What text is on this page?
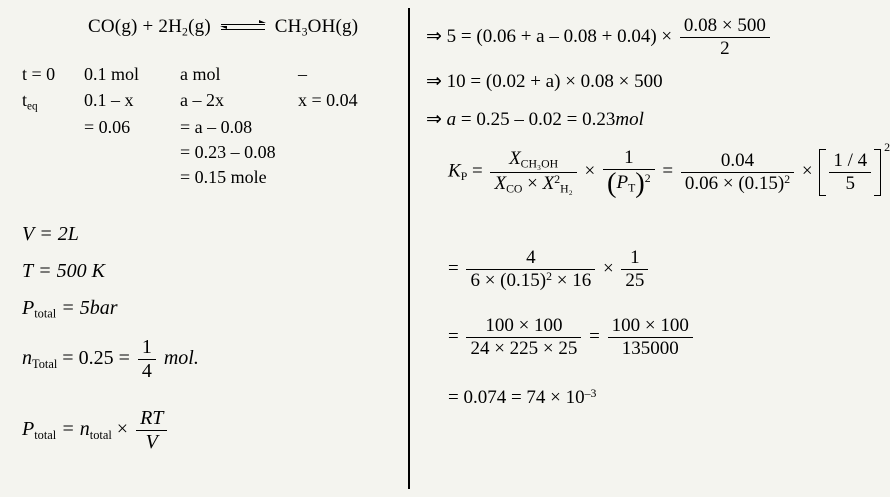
$CO(g) + 2H_2(g)$	$CH_3OH(g)$
t = 0	0.1 mol	a mol	–
$t_{eq}$	0.1 – x	a – 2x	x = 0.04
	= 0.06	= a – 0.08	
		= 0.23 – 0.08	
		= 0.15 mole	
V = 2L
T = 500 K
$P_{total} = 5bar$
$n_{Total} = 0.25 = \frac{1}{4}$ mol.
$P_{total} = n_{total} \times \frac{RT}{V}$
⇒ $5 = (0.06 + a - 0.08 + 0.04) \times \frac{0.08 \times 500}{2}$
⇒ 10 = (0.02 + a) × 0.08 × 500
⇒ a = 0.25 – 0.02 = 0.23mol
$K_P = \frac{X_{CH_3OH}}{X_{CO} \times X^2_{H_2}} \times \frac{1}{(P_T)^2} = \frac{0.04}{0.06 \times (0.15)^2} \times \frac{1 / 4}{5}$
2
= $\frac{4}{6 \times (0.15)^2 \times 16} \times \frac{1}{25}$
= $\frac{100 \times 100}{24 \times 225 \times 25} = \frac{100 \times 100}{135000}$
= $0.074 = 74 \times 10^{-3}$
